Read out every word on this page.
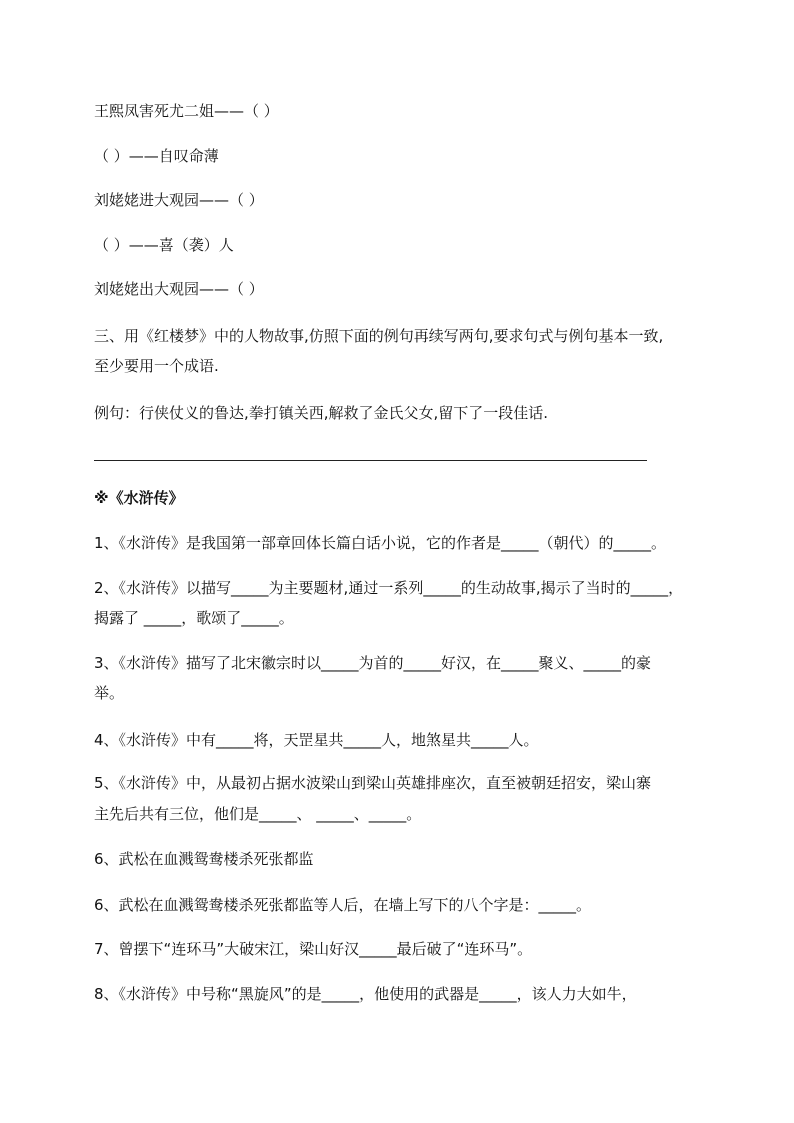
王熙凤害死尤二姐——（ ）
（ ）——自叹命薄
刘姥姥进大观园——（ ）
（ ）——喜（袭）人
刘姥姥出大观园——（ ）
三、用《红楼梦》中的人物故事,仿照下面的例句再续写两句,要求句式与例句基本一致,
至少要用一个成语.
例句：行侠仗义的鲁达,拳打镇关西,解救了金氏父女,留下了一段佳话.
※《水浒传》
1、《水浒传》是我国第一部章回体长篇白话小说，它的作者是_____（朝代）的_____。
2、《水浒传》以描写_____为主要题材,通过一系列_____的生动故事,揭示了当时的_____，
揭露了 _____，歌颂了_____。
3、《水浒传》描写了北宋徽宗时以_____为首的_____好汉，在_____聚义、_____的豪
举。
4、《水浒传》中有_____将，天罡星共_____人，地煞星共_____人。
5、《水浒传》中，从最初占据水波梁山到梁山英雄排座次，直至被朝廷招安，梁山寨
主先后共有三位，他们是_____、 _____、_____。
6、武松在血溅鸳鸯楼杀死张都监
6、武松在血溅鸳鸯楼杀死张都监等人后，在墙上写下的八个字是：_____。
7、曾摆下“连环马”大破宋江，梁山好汉_____最后破了“连环马”。
8、《水浒传》中号称“黑旋风”的是_____，他使用的武器是_____，该人力大如牛，
